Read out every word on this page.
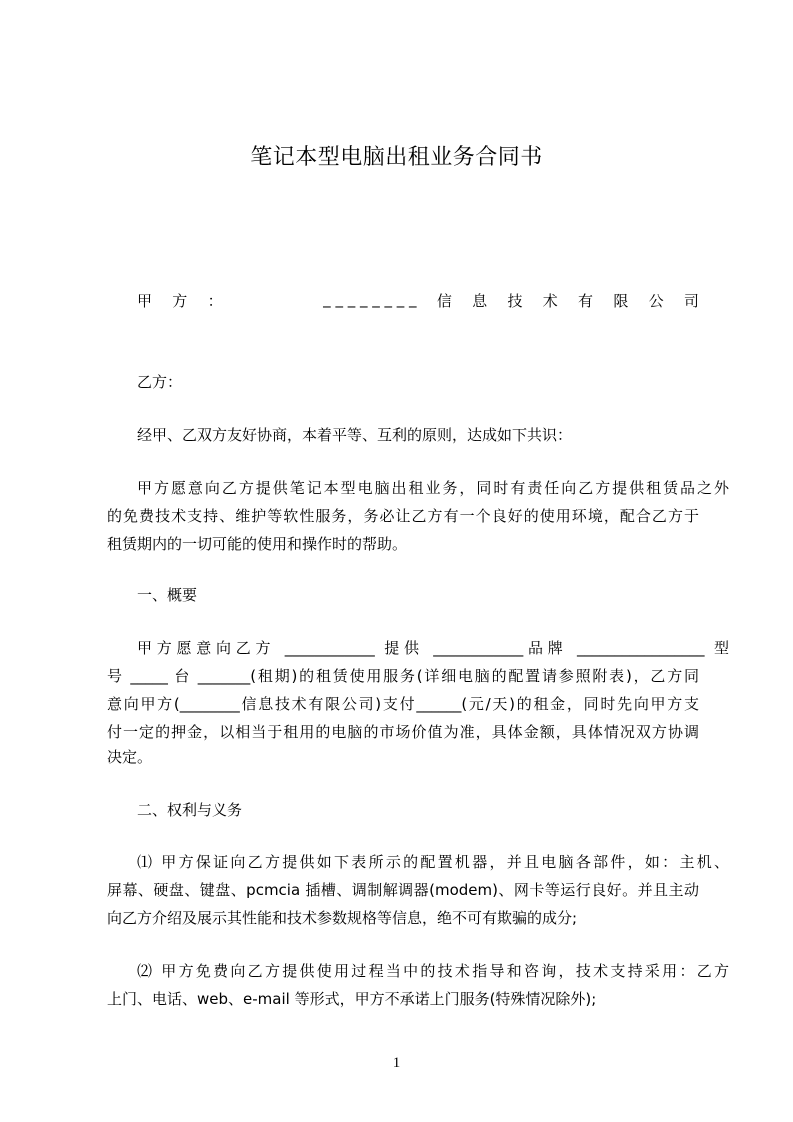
笔记本型电脑出租业务合同书
甲 方 ：	_ _ _ _ _ _ _ _ 信 息 技 术 有 限 公 司
乙方：
经甲、乙双方友好协商，本着平等、互利的原则，达成如下共识：
甲方愿意向乙方提供笔记本型电脑出租业务，同时有责任向乙方提供租赁品之外
的免费技术支持、维护等软性服务，务必让乙方有一个良好的使用环境，配合乙方于
租赁期内的一切可能的使用和操作时的帮助。
一、概要
甲方愿意向乙方 ____________ 提供 ____________品牌 _________________ 型
号 _____ 台 _______(租期)的租赁使用服务(详细电脑的配置请参照附表)，乙方同
意向甲方(________信息技术有限公司)支付______(元/天)的租金，同时先向甲方支
付一定的押金，以相当于租用的电脑的市场价值为准，具体金额，具体情况双方协调
决定。
二、权利与义务
⑴ 甲方保证向乙方提供如下表所示的配置机器，并且电脑各部件，如：主机、
屏幕、硬盘、键盘、pcmcia 插槽、调制解调器(modem)、网卡等运行良好。并且主动
向乙方介绍及展示其性能和技术参数规格等信息，绝不可有欺骗的成分;
⑵ 甲方免费向乙方提供使用过程当中的技术指导和咨询，技术支持采用：乙方
上门、电话、web、e-mail 等形式，甲方不承诺上门服务(特殊情况除外);
1
